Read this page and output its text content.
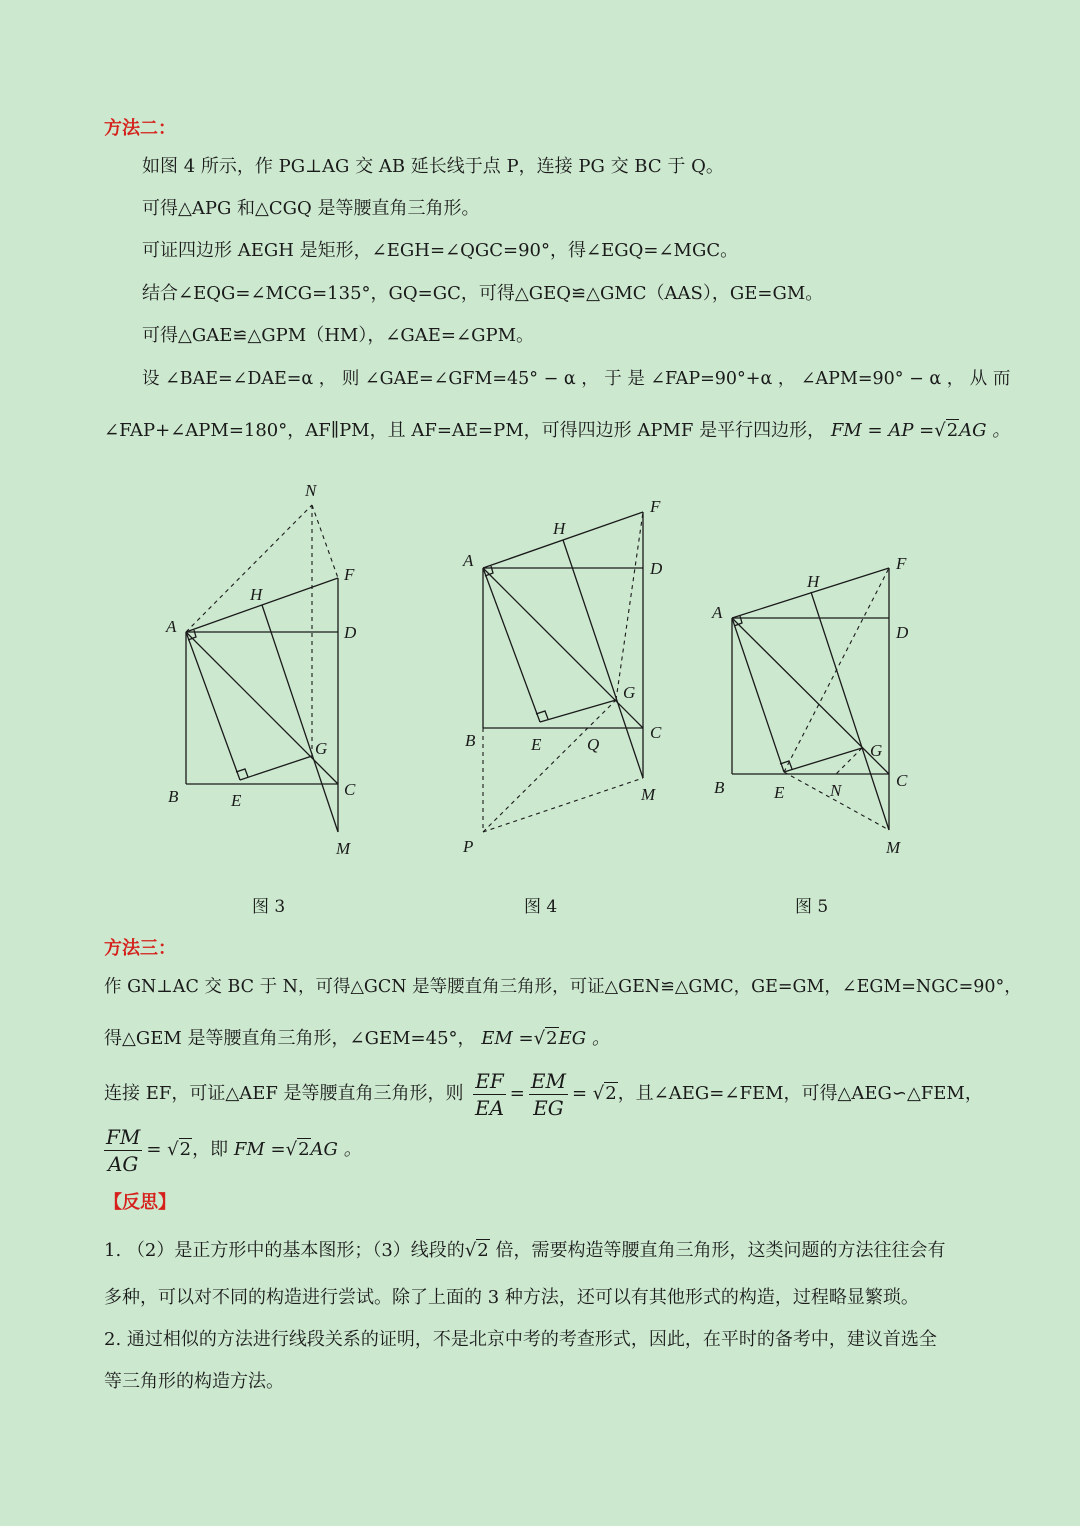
方法二：
如图 4 所示，作 PG⊥AG 交 AB 延长线于点 P，连接 PG 交 BC 于 Q。
可得△APG 和△CGQ 是等腰直角三角形。
可证四边形 AEGH 是矩形，∠EGH=∠QGC=90°，得∠EGQ=∠MGC。
结合∠EQG=∠MCG=135°，GQ=GC，可得△GEQ≌△GMC（AAS），GE=GM。
可得△GAE≌△GPM（HM），∠GAE=∠GPM。
设 ∠BAE=∠DAE=α ， 则 ∠GAE=∠GFM=45° − α ， 于 是 ∠FAP=90°+α ， ∠APM=90° − α ， 从 而
∠FAP+∠APM=180°，AF∥PM，且 AF=AE=PM，可得四边形 APMF 是平行四边形， FM = AP =√2AG 。
N
F
H
A	D
G
B	E
C
M
F
H
A	D
G
B	E	Q
C
M
P
F
H
A
D
G
B	E	N
C
M
图 3	图 4	图 5
方法三：
作 GN⊥AC 交 BC 于 N，可得△GCN 是等腰直角三角形，可证△GEN≌△GMC，GE=GM，∠EGM=NGC=90°，
得△GEM 是等腰直角三角形，∠GEM=45°， EM =√2EG 。
连接 EF，可证△AEF 是等腰直角三角形，则 $\frac{EF}{EA} = \frac{EM}{EG} = √2$，且∠AEG=∠FEM，可得△AEG∽△FEM，
$\frac{FM}{AG} = √2$，即 FM =√2AG 。
【反思】
1. （2）是正方形中的基本图形；（3）线段的√2 倍，需要构造等腰直角三角形，这类问题的方法往往会有
多种，可以对不同的构造进行尝试。除了上面的 3 种方法，还可以有其他形式的构造，过程略显繁琐。
2. 通过相似的方法进行线段关系的证明，不是北京中考的考查形式，因此，在平时的备考中，建议首选全
等三角形的构造方法。
